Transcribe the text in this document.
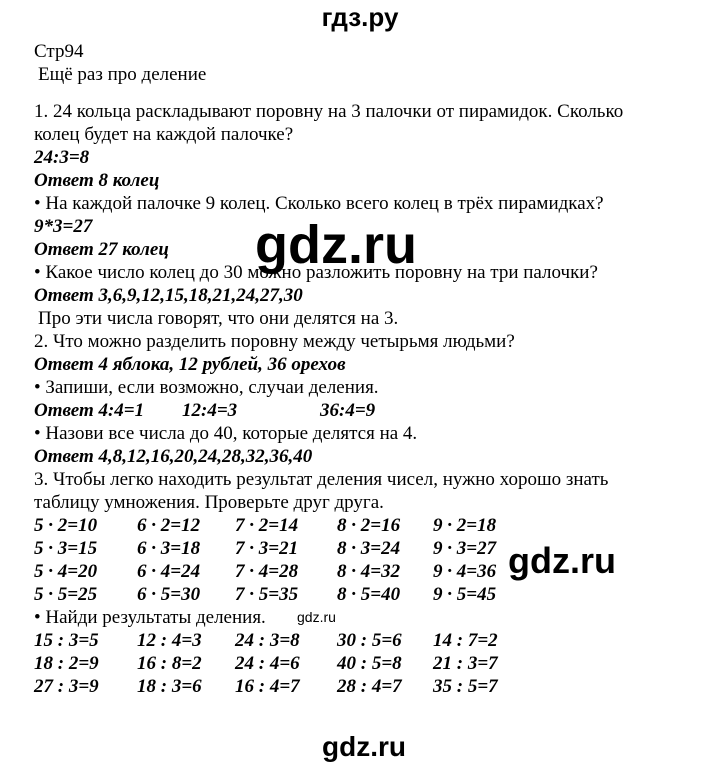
гдз.ру
Стр94
Ещё раз про деление
1. 24 кольца раскладывают поровну на 3 палочки от пирамидок. Сколько
колец будет на каждой палочке?
24:3=8
Ответ 8 колец
• На каждой палочке 9 колец. Сколько всего колец в трёх пирамидках?
9*3=27
Ответ 27 колец
• Какое число колец до 30 можно разложить поровну на три палочки?
Ответ 3,6,9,12,15,18,21,24,27,30
Про эти числа говорят, что они делятся на 3.
2. Что можно разделить поровну между четырьмя людьми?
Ответ 4 яблока, 12 рублей, 36 орехов
• Запиши, если возможно, случаи деления.
Ответ 4:4=1	12:4=3	36:4=9
• Назови все числа до 40, которые делятся на 4.
Ответ 4,8,12,16,20,24,28,32,36,40
3. Чтобы легко находить результат деления чисел, нужно хорошо знать
таблицу умножения. Проверьте друг друга.
5 · 2=10	6 · 2=12	7 · 2=14	8 · 2=16	9 · 2=18
5 · 3=15	6 · 3=18	7 · 3=21	8 · 3=24	9 · 3=27
5 · 4=20	6 · 4=24	7 · 4=28	8 · 4=32	9 · 4=36
5 · 5=25	6 · 5=30	7 · 5=35	8 · 5=40	9 · 5=45
• Найди результаты деления.
15 : 3=5	12 : 4=3	24 : 3=8	30 : 5=6	14 : 7=2
18 : 2=9	16 : 8=2	24 : 4=6	40 : 5=8	21 : 3=7
27 : 3=9	18 : 3=6	16 : 4=7	28 : 4=7	35 : 5=7
gdz.ru
gdz.ru
gdz.ru
gdz.ru
